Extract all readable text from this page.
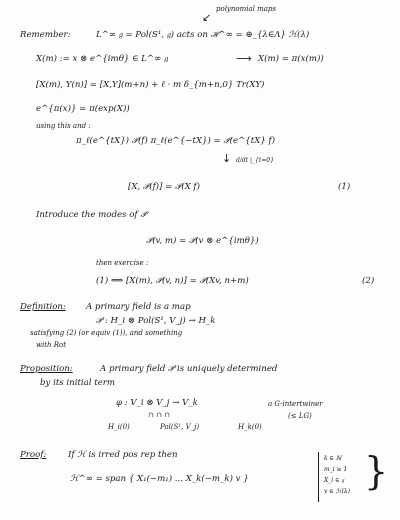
↙
polynomial maps
Remember:	L^∞ 𝔤 = Pol(S¹, 𝔤) acts on ℋ^∞ = ⊕_{λ∈Λ} ℋ(λ)
X(m) := x ⊗ e^{imθ} ∈ L^∞ 𝔤	⟶ X(m) = π(x(m))
[X(m), Y(n)] = [X,Y](m+n) + ℓ · m δ_{m+n,0} Tr(XY)
e^{π(x)} = π(exp(X))
using this and :
π_ℓ(e^{tX}) 𝒫(f) π_ℓ(e^{−tX}) = 𝒫(e^{tX} f)
↓ d/dt |_{t=0}
[X, 𝒫(f)] = 𝒫(X f)	(1)
Introduce the modes of 𝒫
𝒫(v, m) = 𝒫(v ⊗ e^{imθ})
then exercise :
(1) ⟺ [X(m), 𝒫(v, n)] = 𝒫(Xv, n+m)	(2)
Definition: A primary field is a map
𝒫 : H_i ⊗ Pol(S¹, V_j) → H_k
satisfying (2) (or equiv (1)), and something
with Rot
Proposition:	A primary field 𝒫 is uniquely determined
by its initial term
φ : V_i ⊗ V_j → V_k	a G-intertwiner
∩ ∩ ∩	(≤ LG)
H_i(0)	Pol(S¹, V_j)	H_k(0)
Proof:	If ℋ is irred pos rep then
ℋ^∞ = span { X₁(−m₁) ... X_k(−m_k) v }
k ∈ ℕ
m_i ≥ 1
X_i ∈ 𝔤
v ∈ ℋ(λ) }
